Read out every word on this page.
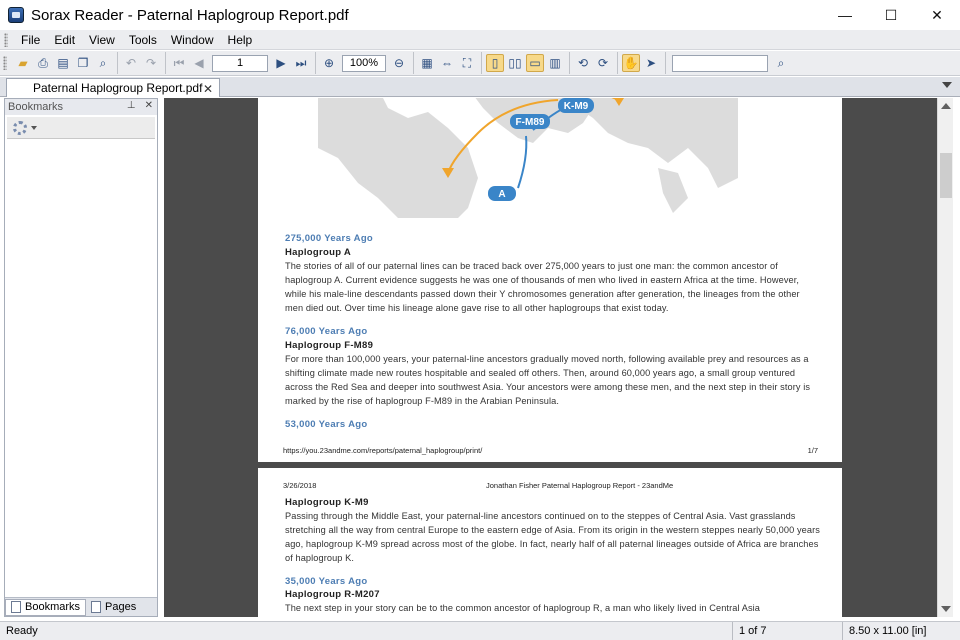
Sorax Reader - Paternal Haplogroup Report.pdf	—	☐	✕
File	Edit	View	Tools	Window	Help
▰ ⎙ ▤ ❐ ⌕	↶ ↷	⏮ ◀	1	▶ ⏭	⊕	100%	⊖	▦ ⇔ ⛶	▯ ▯▯ ▭ ▥	⟲ ⟳	✋ ➤	⌕
Paternal Haplogroup Report.pdf ✕
Bookmarks	⊥ ✕
Bookmarks Pages
K-M9
F-M89
A
275,000 Years Ago
Haplogroup A
The stories of all of our paternal lines can be traced back over 275,000 years to just one man: the common ancestor of haplogroup A. Current evidence suggests he was one of thousands of men who lived in eastern Africa at the time. However, while his male-line descendants passed down their Y chromosomes generation after generation, the lineages from the other men died out. Over time his lineage alone gave rise to all other haplogroups that exist today.
76,000 Years Ago
Haplogroup F-M89
For more than 100,000 years, your paternal-line ancestors gradually moved north, following available prey and resources as a shifting climate made new routes hospitable and sealed off others. Then, around 60,000 years ago, a small group ventured across the Red Sea and deeper into southwest Asia. Your ancestors were among these men, and the next step in their story is marked by the rise of haplogroup F-M89 in the Arabian Peninsula.
53,000 Years Ago
https://you.23andme.com/reports/paternal_haplogroup/print/	1/7
3/26/2018	Jonathan Fisher Paternal Haplogroup Report - 23andMe
Haplogroup K-M9
Passing through the Middle East, your paternal-line ancestors continued on to the steppes of Central Asia. Vast grasslands stretching all the way from central Europe to the eastern edge of Asia. From its origin in the western steppes nearly 50,000 years ago, haplogroup K-M9 spread across most of the globe. In fact, nearly half of all paternal lineages outside of Africa are branches of haplogroup K.
35,000 Years Ago
Haplogroup R-M207
The next step in your story can be to the common ancestor of haplogroup R, a man who likely lived in Central Asia
Ready	1 of 7	8.50 x 11.00 [in]
